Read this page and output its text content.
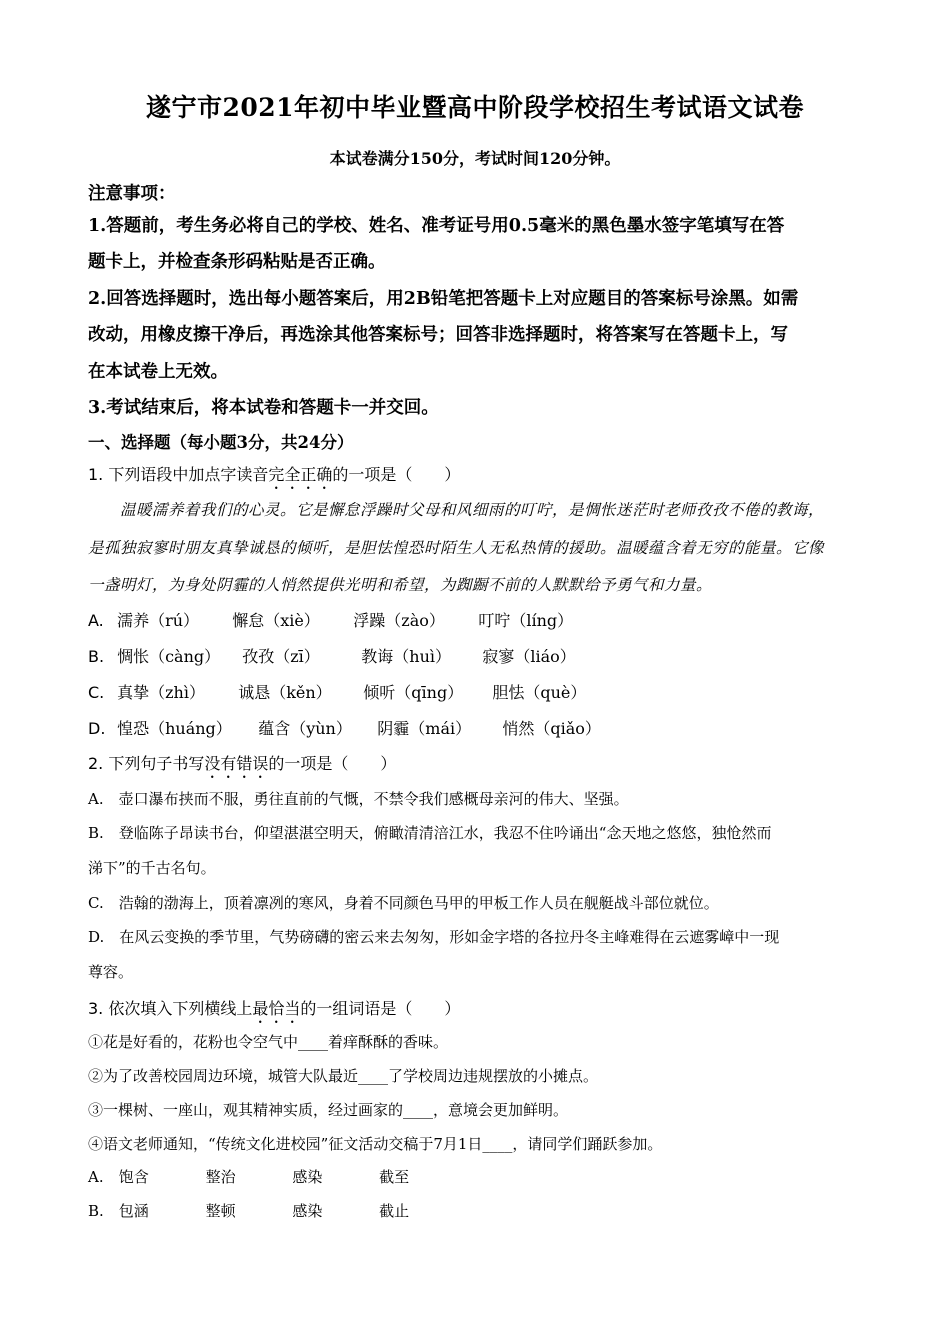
遂宁市2021年初中毕业暨高中阶段学校招生考试语文试卷
本试卷满分150分，考试时间120分钟。
注意事项：
1.答题前，考生务必将自己的学校、姓名、准考证号用0.5毫米的黑色墨水签字笔填写在答
题卡上，并检查条形码粘贴是否正确。
2.回答选择题时，选出每小题答案后，用2B铅笔把答题卡上对应题目的答案标号涂黑。如需
改动，用橡皮擦干净后，再选涂其他答案标号；回答非选择题时，将答案写在答题卡上，写
在本试卷上无效。
3.考试结束后，将本试卷和答题卡一并交回。
一、选择题（每小题3分，共24分）
1. 下列语段中加点字读音完全正确的一项是（　　）
温暖濡养着我们的心灵。它是懈怠浮躁时父母和风细雨的叮咛，是惆怅迷茫时老师孜孜不倦的教诲，
是孤独寂寥时朋友真挚诚恳的倾听，是胆怯惶恐时陌生人无私热情的援助。温暖蕴含着无穷的能量。它像
一盏明灯，为身处阴霾的人悄然提供光明和希望，为踟蹰不前的人默默给予勇气和力量。
A. 濡养（rú） 懈怠（xiè） 浮躁（zào） 叮咛（líng）
B. 惆怅（càng） 孜孜（zī）	教诲（huì） 寂寥（liáo）
C. 真挚（zhì） 诚恳（kěn） 倾听（qīng） 胆怯（què）
D. 惶恐（huáng） 蕴含（yùn） 阴霾（mái） 悄然（qiǎo）
2. 下列句子书写没有错误的一项是（　　）
A.　壶口瀑布挟而不服，勇往直前的气慨，不禁令我们感概母亲河的伟大、坚强。
B.　登临陈子昂读书台，仰望湛湛空明天，俯瞰清清涪江水，我忍不住吟诵出“念天地之悠悠，独怆然而
涕下”的千古名句。
C.　浩翰的渤海上，顶着凛冽的寒风，身着不同颜色马甲的甲板工作人员在舰艇战斗部位就位。
D.　在风云变换的季节里，气势磅礴的密云来去匆匆，形如金字塔的各拉丹冬主峰难得在云遮雾嶂中一现
尊容。
3. 依次填入下列横线上最恰当的一组词语是（　　）
①花是好看的，花粉也令空气中____着痒酥酥的香味。
②为了改善校园周边环境，城管大队最近____了学校周边违规摆放的小摊点。
③一棵树、一座山，观其精神实质，经过画家的____，意境会更加鲜明。
④语文老师通知，“传统文化进校园”征文活动交稿于7月1日____，请同学们踊跃参加。
A. 饱含	整治	感染	截至
B. 包涵	整顿	感染	截止
